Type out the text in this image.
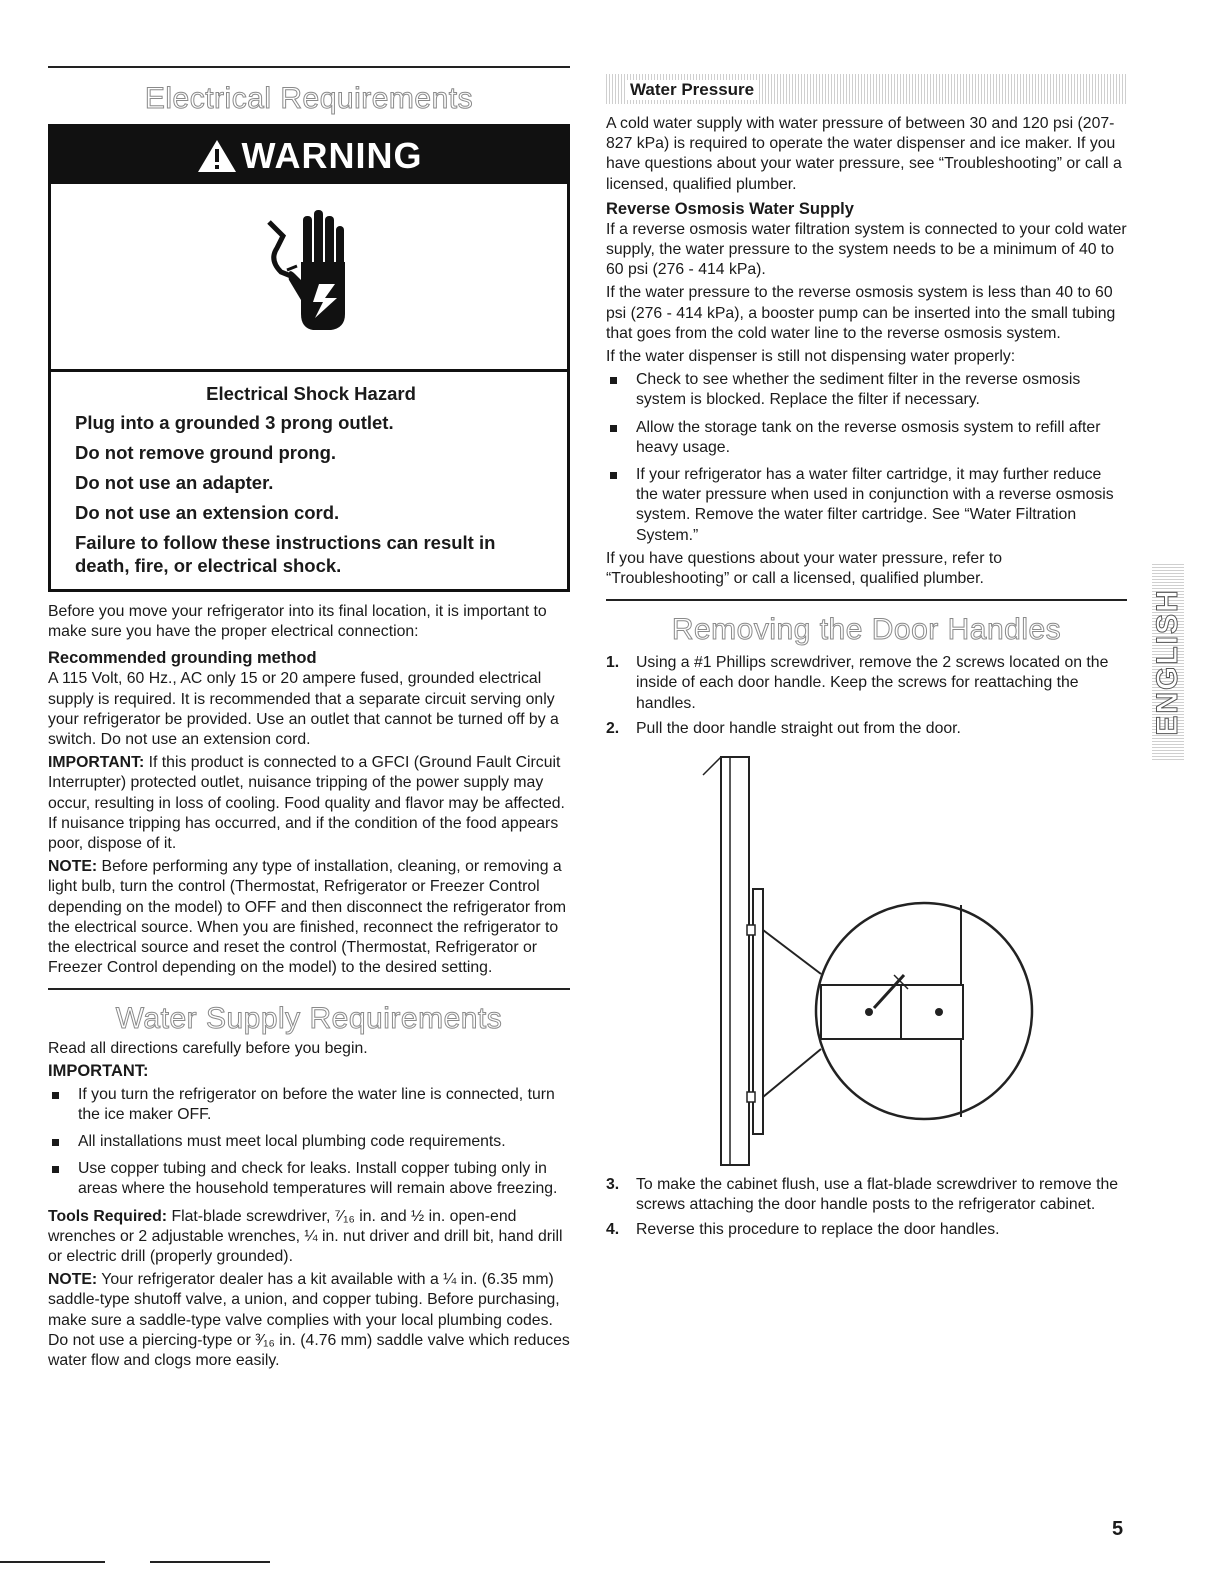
Electrical Requirements
WARNING
Electrical Shock Hazard
Plug into a grounded 3 prong outlet.
Do not remove ground prong.
Do not use an adapter.
Do not use an extension cord.
Failure to follow these instructions can result in death, fire, or electrical shock.

Before you move your refrigerator into its final location, it is important to make sure you have the proper electrical connection:

Recommended grounding method

A 115 Volt, 60 Hz., AC only 15 or 20 ampere fused, grounded electrical supply is required. It is recommended that a separate circuit serving only your refrigerator be provided. Use an outlet that cannot be turned off by a switch. Do not use an extension cord.

IMPORTANT: If this product is connected to a GFCI (Ground Fault Circuit Interrupter) protected outlet, nuisance tripping of the power supply may occur, resulting in loss of cooling. Food quality and flavor may be affected. If nuisance tripping has occurred, and if the condition of the food appears poor, dispose of it.

NOTE: Before performing any type of installation, cleaning, or removing a light bulb, turn the control (Thermostat, Refrigerator or Freezer Control depending on the model) to OFF and then disconnect the refrigerator from the electrical source. When you are finished, reconnect the refrigerator to the electrical source and reset the control (Thermostat, Refrigerator or Freezer Control depending on the model) to the desired setting.

Water Supply Requirements

Read all directions carefully before you begin.

IMPORTANT:
If you turn the refrigerator on before the water line is connected, turn the ice maker OFF.
All installations must meet local plumbing code requirements.
Use copper tubing and check for leaks. Install copper tubing only in areas where the household temperatures will remain above freezing.

Tools Required: Flat-blade screwdriver, ⁷⁄₁₆ in. and ½ in. open-end wrenches or 2 adjustable wrenches, ¼ in. nut driver and drill bit, hand drill or electric drill (properly grounded).

NOTE: Your refrigerator dealer has a kit available with a ¼ in. (6.35 mm) saddle-type shutoff valve, a union, and copper tubing. Before purchasing, make sure a saddle-type valve complies with your local plumbing codes. Do not use a piercing-type or ³⁄₁₆ in. (4.76 mm) saddle valve which reduces water flow and clogs more easily.

Water Pressure

A cold water supply with water pressure of between 30 and 120 psi (207-827 kPa) is required to operate the water dispenser and ice maker. If you have questions about your water pressure, see “Troubleshooting” or call a licensed, qualified plumber.

Reverse Osmosis Water Supply

If a reverse osmosis water filtration system is connected to your cold water supply, the water pressure to the system needs to be a minimum of 40 to 60 psi (276 - 414 kPa).

If the water pressure to the reverse osmosis system is less than 40 to 60 psi (276 - 414 kPa), a booster pump can be inserted into the small tubing that goes from the cold water line to the reverse osmosis system.

If the water dispenser is still not dispensing water properly:

Check to see whether the sediment filter in the reverse osmosis system is blocked. Replace the filter if necessary.
Allow the storage tank on the reverse osmosis system to refill after heavy usage.
If your refrigerator has a water filter cartridge, it may further reduce the water pressure when used in conjunction with a reverse osmosis system. Remove the water filter cartridge. See “Water Filtration System.”

If you have questions about your water pressure, refer to “Troubleshooting” or call a licensed, qualified plumber.

Removing the Door Handles
1. Using a #1 Phillips screwdriver, remove the 2 screws located on the inside of each door handle. Keep the screws for reattaching the handles.
2. Pull the door handle straight out from the door.
3. To make the cabinet flush, use a flat-blade screwdriver to remove the screws attaching the door handle posts to the refrigerator cabinet.
4. Reverse this procedure to replace the door handles.
ENGLISH
5
